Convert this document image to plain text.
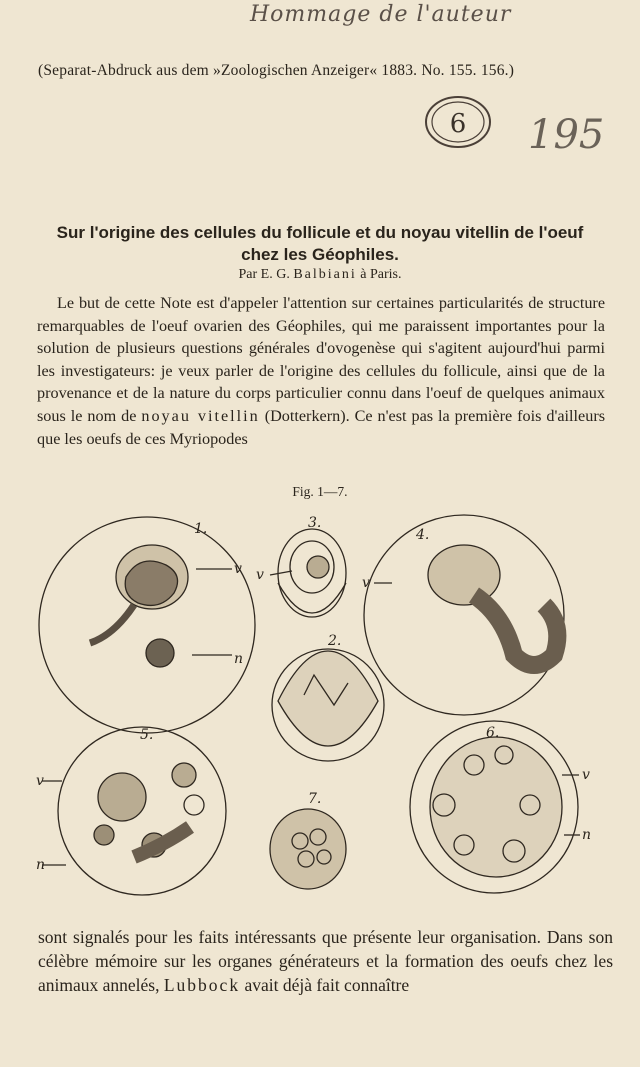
Hommage de l'auteur
(Separat-Abdruck aus dem »Zoologischen Anzeiger« 1883. No. 155. 156.)
6 195
Sur l'origine des cellules du follicule et du noyau vitellin de l'oeuf
chez les Géophiles.
Par E. G. Balbiani à Paris.

Le but de cette Note est d'appeler l'attention sur certaines particularités de structure remarquables de l'oeuf ovarien des Géophiles, qui me paraissent importantes pour la solution de plusieurs questions générales d'ovogenèse qui s'agitent aujourd'hui parmi les investigateurs: je veux parler de l'origine des cellules du follicule, ainsi que de la provenance et de la nature du corps particulier connu dans l'oeuf de quelques animaux sous le nom de noyau vitellin (Dotterkern). Ce n'est pas la première fois d'ailleurs que les oeufs de ces Myriopodes

Fig. 1—7.
1.	3.
4.
2.
5.	6.
7.
v
n
v	v
v
n
v
n

sont signalés pour les faits intéressants que présente leur organisation. Dans son célèbre mémoire sur les organes générateurs et la formation des oeufs chez les animaux annelés, Lubbock avait déjà fait connaître
